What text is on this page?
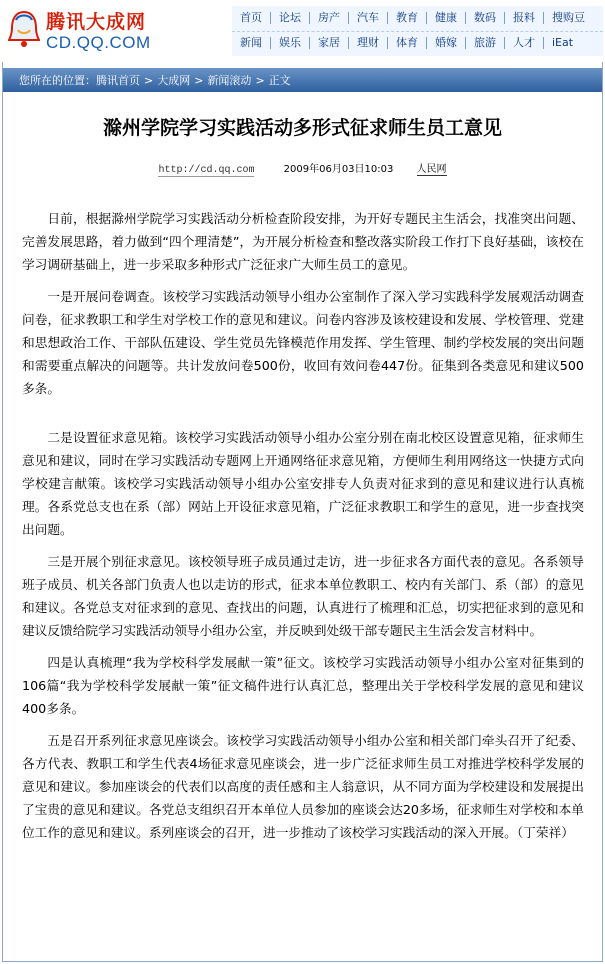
腾讯大成网
CD.QQ.COM
首页	论坛	房产	汽车	教育	健康	数码	报料	搜购豆
新闻	娱乐	家居	理财	体育	婚嫁	旅游	人才	iEat
您所在的位置： 腾讯首页 > 大成网 > 新闻滚动 > 正文
滁州学院学习实践活动多形式征求师生员工意见
http://cd.qq.com	2009年06月03日10:03 人民网

日前，根据滁州学院学习实践活动分析检查阶段安排，为开好专题民主生活会，找准突出问题、完善发展思路，着力做到“四个理清楚”，为开展分析检查和整改落实阶段工作打下良好基础，该校在学习调研基础上，进一步采取多种形式广泛征求广大师生员工的意见。

一是开展问卷调查。该校学习实践活动领导小组办公室制作了深入学习实践科学发展观活动调查问卷，征求教职工和学生对学校工作的意见和建议。问卷内容涉及该校建设和发展、学校管理、党建和思想政治工作、干部队伍建设、学生党员先锋模范作用发挥、学生管理、制约学校发展的突出问题和需要重点解决的问题等。共计发放问卷500份，收回有效问卷447份。征集到各类意见和建议500多条。

二是设置征求意见箱。该校学习实践活动领导小组办公室分别在南北校区设置意见箱，征求师生意见和建议，同时在学习实践活动专题网上开通网络征求意见箱，方便师生利用网络这一快捷方式向学校建言献策。该校学习实践活动领导小组办公室安排专人负责对征求到的意见和建议进行认真梳理。各系党总支也在系（部）网站上开设征求意见箱，广泛征求教职工和学生的意见，进一步查找突出问题。

三是开展个别征求意见。该校领导班子成员通过走访，进一步征求各方面代表的意见。各系领导班子成员、机关各部门负责人也以走访的形式，征求本单位教职工、校内有关部门、系（部）的意见和建议。各党总支对征求到的意见、查找出的问题，认真进行了梳理和汇总，切实把征求到的意见和建议反馈给院学习实践活动领导小组办公室，并反映到处级干部专题民主生活会发言材料中。

四是认真梳理“我为学校科学发展献一策”征文。该校学习实践活动领导小组办公室对征集到的106篇“我为学校科学发展献一策”征文稿件进行认真汇总，整理出关于学校科学发展的意见和建议400多条。

五是召开系列征求意见座谈会。该校学习实践活动领导小组办公室和相关部门牵头召开了纪委、各方代表、教职工和学生代表4场征求意见座谈会，进一步广泛征求师生员工对推进学校科学发展的意见和建议。参加座谈会的代表们以高度的责任感和主人翁意识，从不同方面为学校建设和发展提出了宝贵的意见和建议。各党总支组织召开本单位人员参加的座谈会达20多场，征求师生对学校和本单位工作的意见和建议。系列座谈会的召开，进一步推动了该校学习实践活动的深入开展。（丁荣祥）
